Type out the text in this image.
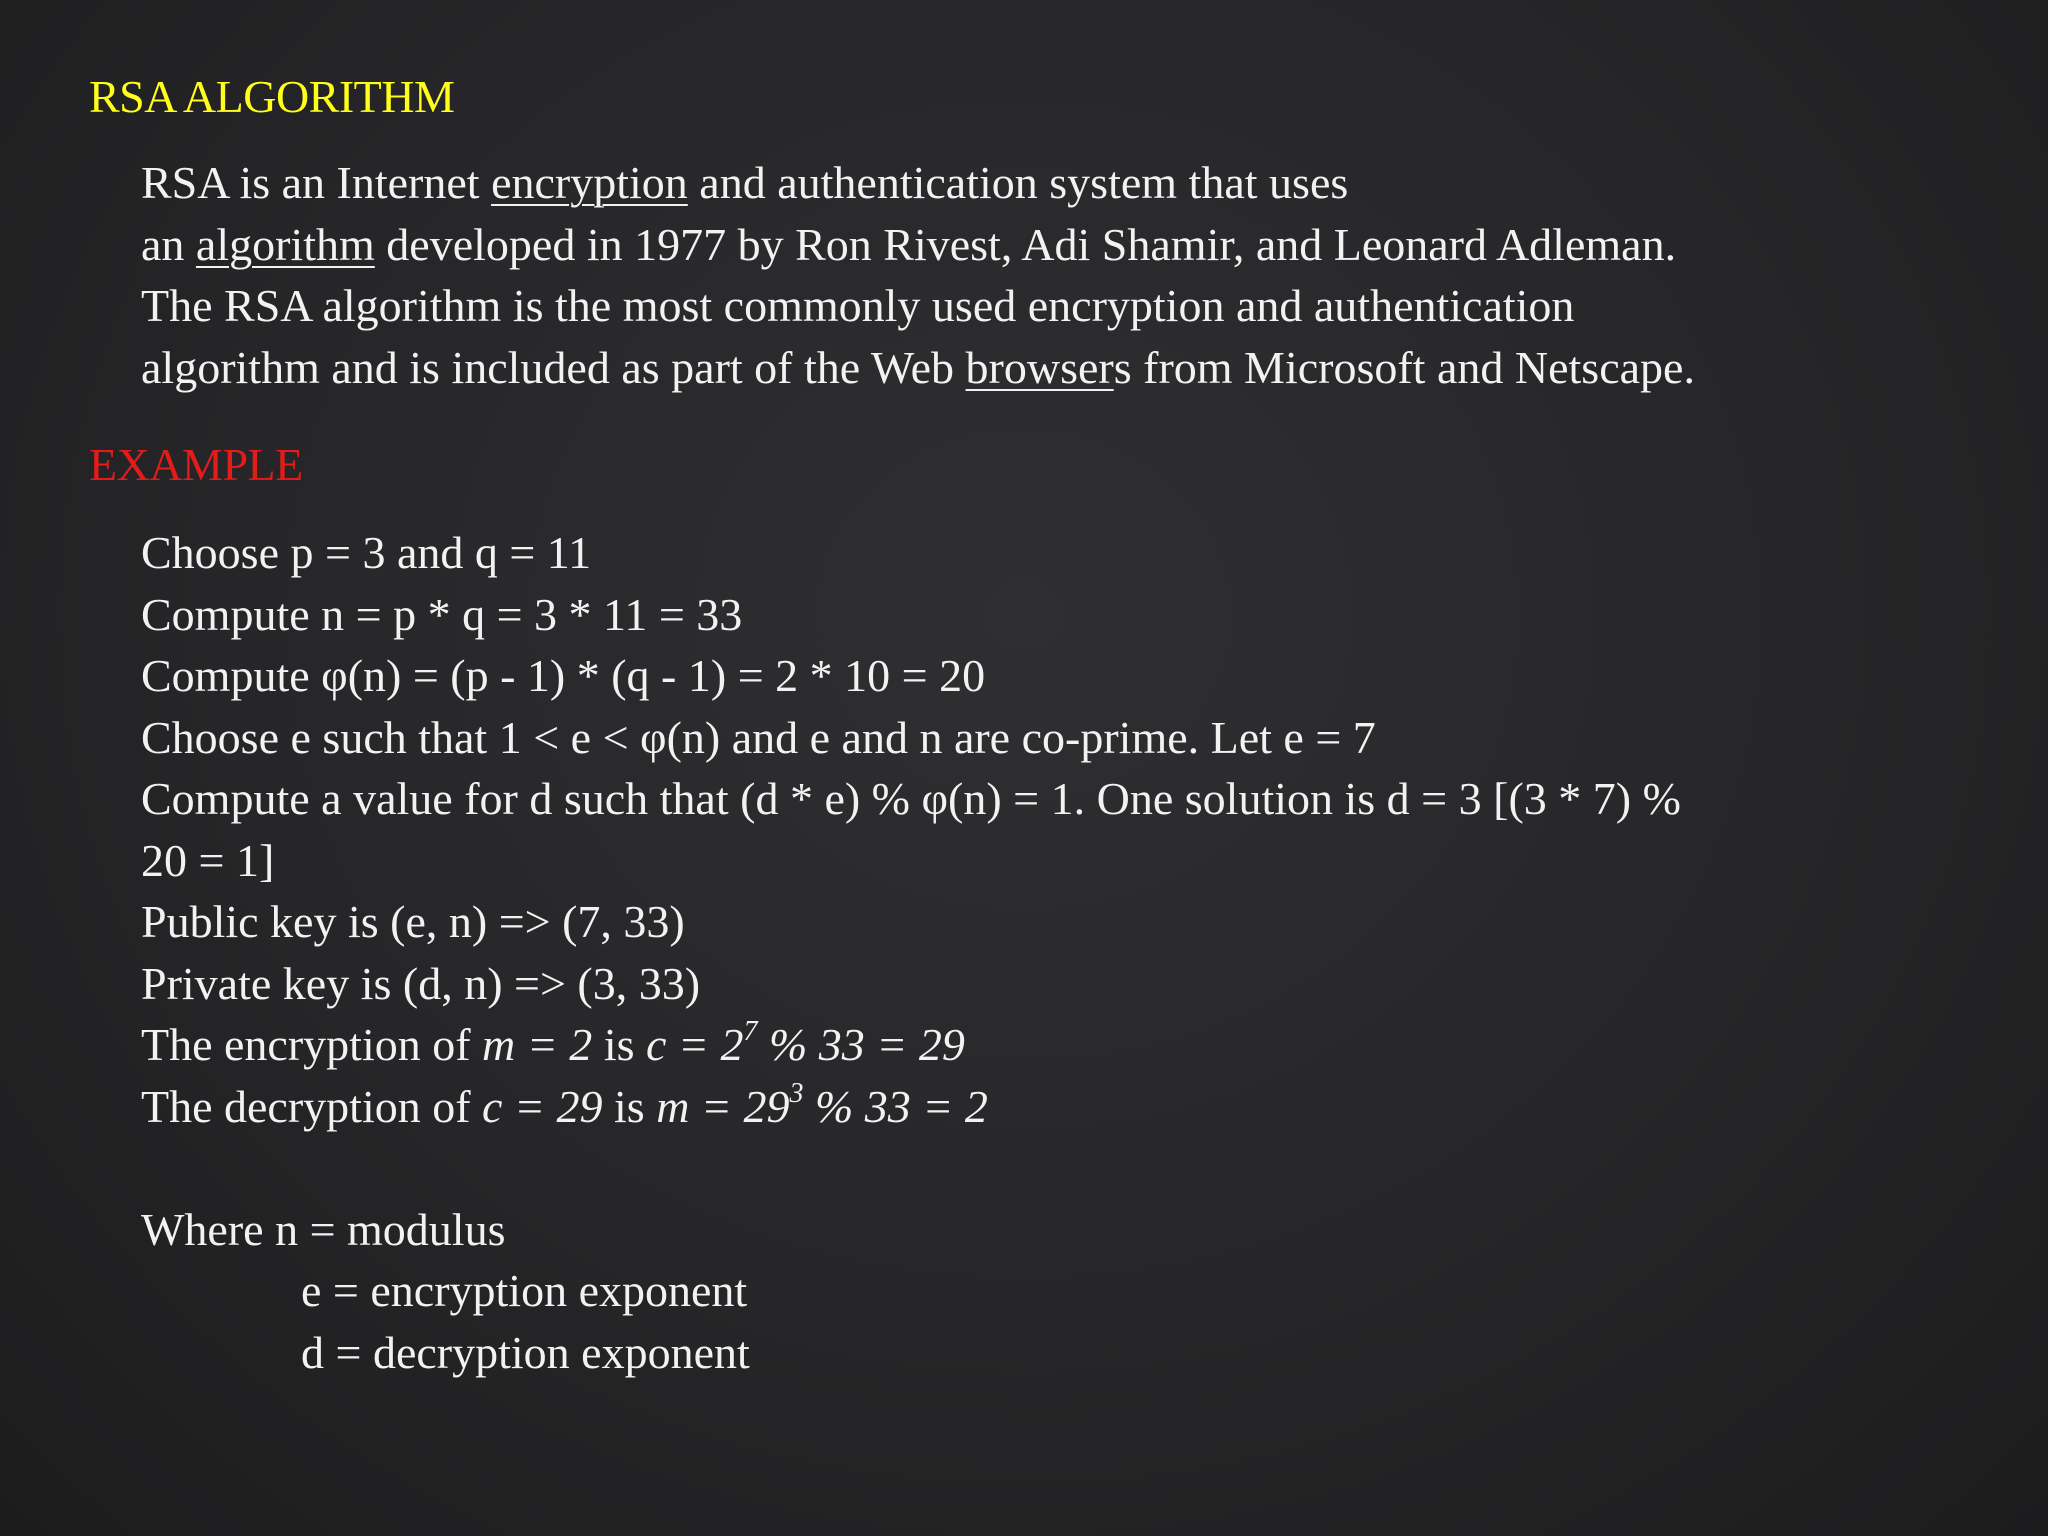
RSA ALGORITHM
RSA is an Internet encryption and authentication system that uses
an algorithm developed in 1977 by Ron Rivest, Adi Shamir, and Leonard Adleman.
The RSA algorithm is the most commonly used encryption and authentication
algorithm and is included as part of the Web browsers from Microsoft and Netscape.
EXAMPLE
Choose p = 3 and q = 11
Compute n = p * q = 3 * 11 = 33
Compute φ(n) = (p - 1) * (q - 1) = 2 * 10 = 20
Choose e such that 1 < e < φ(n) and e and n are co-prime. Let e = 7
Compute a value for d such that (d * e) % φ(n) = 1. One solution is d = 3 [(3 * 7) %
20 = 1]
Public key is (e, n) => (7, 33)
Private key is (d, n) => (3, 33)
The encryption of m = 2 is $c = 2^7$ % 33 = 29
The decryption of c = 29 is $m = 29^3$ % 33 = 2
Where n = modulus
e = encryption exponent
d = decryption exponent
